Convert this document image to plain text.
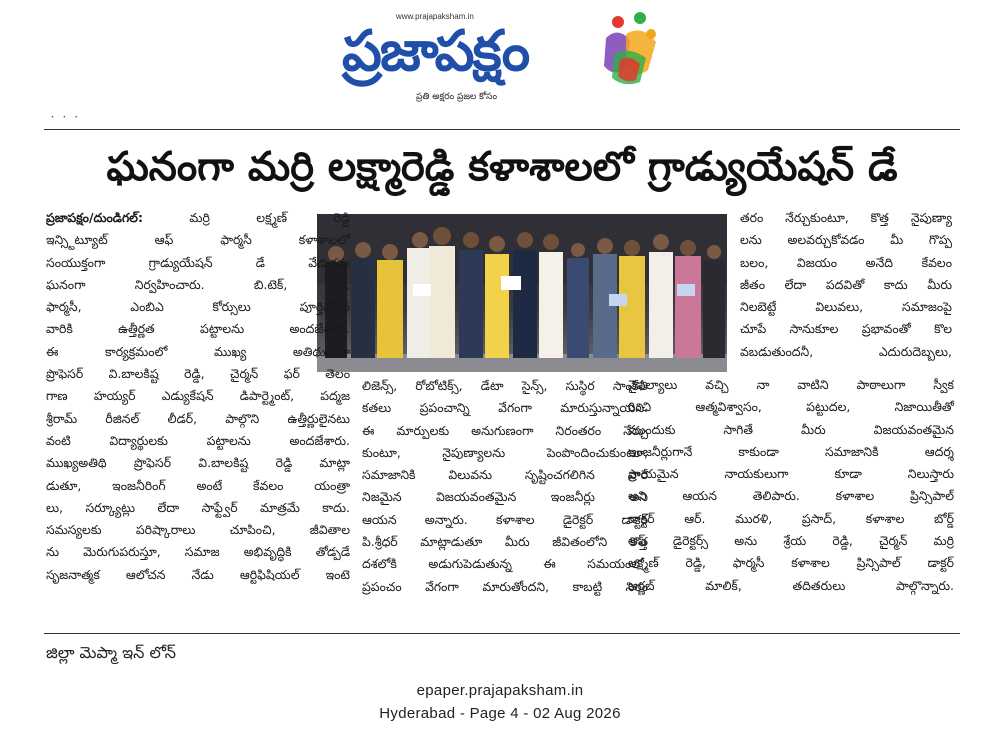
www.prajapaksham.in
ప్రజాపక్షం
ప్రతి అక్షరం ప్రజల కోసం
・ ・ ・
ఘనంగా మర్రి లక్ష్మారెడ్డి కళాశాలలో గ్రాడ్యుయేషన్ డే

ప్రజాపక్షం/దుండిగల్:	మర్రి లక్ష్మణ్ రెడ్డి

ఇన్స్టిట్యూట్ ఆఫ్ ఫార్మసీ కళాశాలలో

సంయుక్తంగా గ్రాడ్యుయేషన్ డే వేడుకను

ఘనంగా నిర్వహించారు. బి.టెక్, బి.

ఫార్మసీ, ఎంబిఎ కోర్సులు పూర్తిచేసిన

వారికి ఉత్తీర్ణత పట్టాలను అందజేశారు.

ఈ కార్యక్రమంలో ముఖ్య అతిథులుగా

ప్రొఫెసర్ వి.బాలకిష్ట రెడ్డి, చైర్మన్ ఫర్ తెలం

గాణ హయ్యర్ ఎడ్యుకేషన్ డిపార్ట్మెంట్, పద్మజ

శ్రీరామ్ రీజినల్ లీడర్, పాల్గొని ఉత్తీర్ణులైనటు

వంటి విద్యార్థులకు పట్టాలను అందజేశారు.

ముఖ్యఅతిథి ప్రొఫెసర్ వి.బాలకిష్ట రెడ్డి మాట్లా

డుతూ, ఇంజనీరింగ్ అంటే కేవలం యంత్రా

లు, సర్క్యూట్లు లేదా సాఫ్ట్వేర్ మాత్రమే కాదు.

సమస్యలకు పరిష్కారాలు చూపించి, జీవితాల

ను మెరుగుపరుస్తూ, సమాజ అభివృద్ధికి తోడ్పడే

సృజనాత్మక ఆలోచన నేడు ఆర్టిఫిషియల్ ఇంటె

లిజెన్స్, రోబోటిక్స్, డేటా సైన్స్, సుస్థిర సాంకేతి

కతలు ప్రపంచాన్ని వేగంగా మారుస్తున్నాయని.

ఈ మార్పులకు అనుగుణంగా నిరంతరం నేర్చు

కుంటూ, నైపుణ్యాలను పెంపొందించుకుంటూ,

సమాజానికి విలువను సృష్టించగలిగిన వారే

నిజమైన విజయవంతమైన ఇంజనీర్లు అని

ఆయన అన్నారు. కళాశాల డైరెక్టర్ డాక్టర్

పి.శ్రీధర్ మాట్లాడుతూ మీరు జీవితంలోని కొత్త

దశలోకి అడుగుపెడుతున్న ఈ సమయంలో,

ప్రపంచం వేగంగా మారుతోందని, కాబట్టి నిరం

తరం నేర్చుకుంటూ, కొత్త నైపుణ్యా

లను అలవర్చుకోవడం మీ గొప్ప

బలం, విజయం అనేది కేవలం

జీతం లేదా పదవితో కాదు మీరు

నిలబెట్టే విలువలు, సమాజంపై

చూపే సానుకూల ప్రభావంతో కొల

వబడుతుందనీ, ఎదురుదెబ్బలు,

వైఫల్యాలు వచ్చి నా వాటిని పాఠాలుగా స్వీక

రించి ఆత్మవిశ్వాసం, పట్టుదల, నిజాయితీతో

ముందుకు సాగితే మీరు విజయవంతమైన

ఇంజనీర్లుగానే కాకుండా సమాజానికి ఆదర్శ

ప్రాయమైన నాయకులుగా కూడా నిలుస్తారు

అని ఆయన తెలిపారు. కళాశాల ప్రిన్సిపాల్

డాక్టర్ ఆర్. మురళి, ప్రసాద్, కళాశాల బోర్డ్

ఆఫ్ డైరెక్టర్స్ అను శ్రేయ రెడ్డి, చైర్మన్ మర్రి

లక్ష్మణ్ రెడ్డి, ఫార్మసీ కళాశాల ప్రిన్సిపాల్ డాక్టర్

అర్ణబ్ మాలిక్, తదితరులు పాల్గొన్నారు.

జిల్లా మెప్మా ఇన్ లోన్
epaper.prajapaksham.in
Hyderabad - Page 4 - 02 Aug 2026
